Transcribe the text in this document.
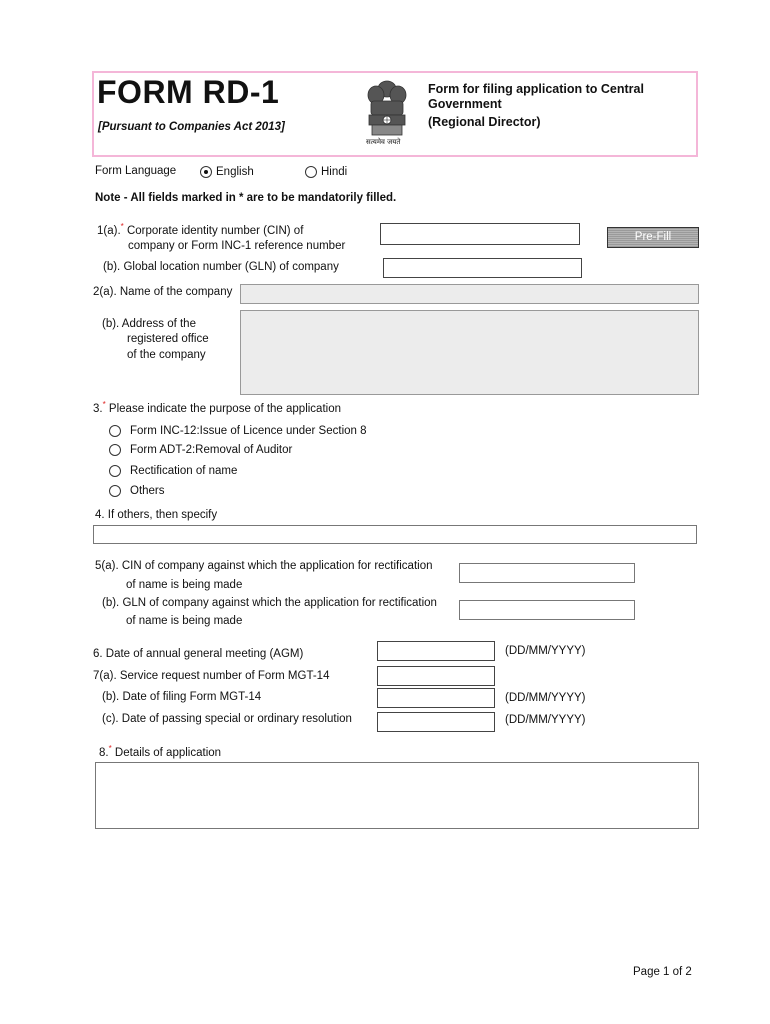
FORM RD-1
[Pursuant to Companies Act 2013]
सत्यमेव जयते
Form for filing application to Central
Government
(Regional Director)
Form Language	English	Hindi
Note - All fields marked in * are to be mandatorily filled.
1(a).* Corporate identity number (CIN) of
company or Form INC-1 reference number
Pre-Fill
(b). Global location number (GLN) of company
2(a). Name of the company
(b). Address of the
registered office
of the company
3.* Please indicate the purpose of the application
Form INC-12:Issue of Licence under Section 8
Form ADT-2:Removal of Auditor
Rectification of name
Others
4. If others, then specify
5(a). CIN of company against which the application for rectification
of name is being made
(b). GLN of company against which the application for rectification
of name is being made
6. Date of annual general meeting (AGM)	(DD/MM/YYYY)
7(a). Service request number of Form MGT-14
(b). Date of filing Form MGT-14	(DD/MM/YYYY)
(c). Date of passing special or ordinary resolution	(DD/MM/YYYY)
8.* Details of application
Page 1 of 2
